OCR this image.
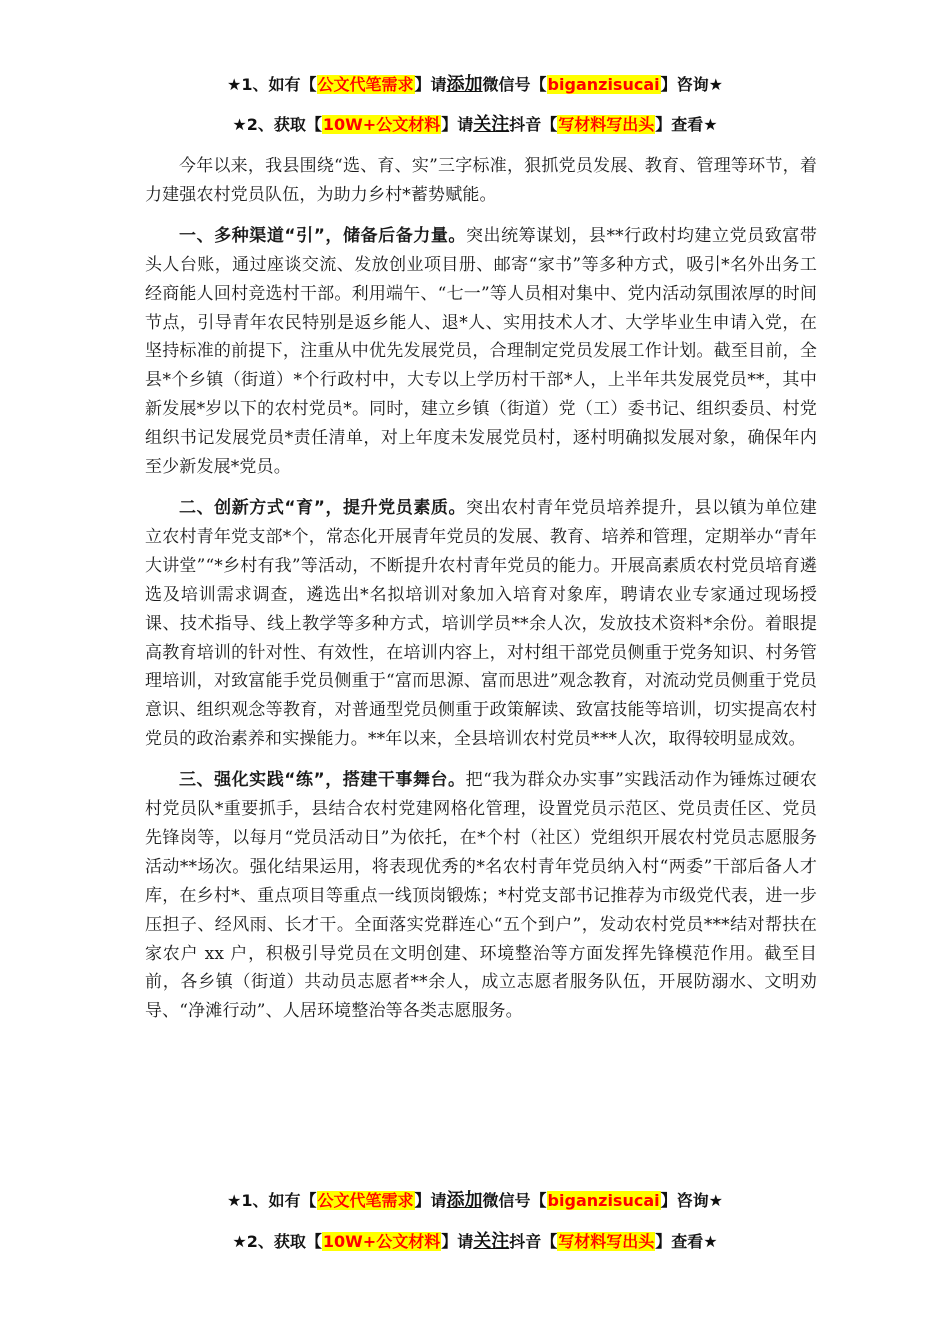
★1、如有【公文代笔需求】请添加微信号【biganzisucai】咨询★
★2、获取【10W+公文材料】请关注抖音【写材料写出头】查看★

今年以来，我县围绕“选、育、实”三字标准，狠抓党员发展、教育、管理等环节，着力建强农村党员队伍，为助力乡村*蓄势赋能。

一、多种渠道“引”，储备后备力量。突出统筹谋划，县**行政村均建立党员致富带头人台账，通过座谈交流、发放创业项目册、邮寄“家书”等多种方式，吸引*名外出务工经商能人回村竞选村干部。利用端午、“七一”等人员相对集中、党内活动氛围浓厚的时间节点，引导青年农民特别是返乡能人、退*人、实用技术人才、大学毕业生申请入党，在坚持标准的前提下，注重从中优先发展党员，合理制定党员发展工作计划。截至目前，全县*个乡镇（街道）*个行政村中，大专以上学历村干部*人，上半年共发展党员**，其中新发展*岁以下的农村党员*。同时，建立乡镇（街道）党（工）委书记、组织委员、村党组织书记发展党员*责任清单，对上年度未发展党员村，逐村明确拟发展对象，确保年内至少新发展*党员。

二、创新方式“育”，提升党员素质。突出农村青年党员培养提升，县以镇为单位建立农村青年党支部*个，常态化开展青年党员的发展、教育、培养和管理，定期举办“青年大讲堂”“*乡村有我”等活动，不断提升农村青年党员的能力。开展高素质农村党员培育遴选及培训需求调查，遴选出*名拟培训对象加入培育对象库，聘请农业专家通过现场授课、技术指导、线上教学等多种方式，培训学员**余人次，发放技术资料*余份。着眼提高教育培训的针对性、有效性，在培训内容上，对村组干部党员侧重于党务知识、村务管理培训，对致富能手党员侧重于“富而思源、富而思进”观念教育，对流动党员侧重于党员意识、组织观念等教育，对普通型党员侧重于政策解读、致富技能等培训，切实提高农村党员的政治素养和实操能力。**年以来，全县培训农村党员***人次，取得较明显成效。

三、强化实践“练”，搭建干事舞台。把“我为群众办实事”实践活动作为锤炼过硬农村党员队*重要抓手，县结合农村党建网格化管理，设置党员示范区、党员责任区、党员先锋岗等，以每月“党员活动日”为依托，在*个村（社区）党组织开展农村党员志愿服务活动**场次。强化结果运用，将表现优秀的*名农村青年党员纳入村“两委”干部后备人才库，在乡村*、重点项目等重点一线顶岗锻炼；*村党支部书记推荐为市级党代表，进一步压担子、经风雨、长才干。全面落实党群连心“五个到户”，发动农村党员***结对帮扶在家农户 xx 户，积极引导党员在文明创建、环境整治等方面发挥先锋模范作用。截至目前，各乡镇（街道）共动员志愿者**余人，成立志愿者服务队伍，开展防溺水、文明劝导、“净滩行动”、人居环境整治等各类志愿服务。

★1、如有【公文代笔需求】请添加微信号【biganzisucai】咨询★
★2、获取【10W+公文材料】请关注抖音【写材料写出头】查看★
